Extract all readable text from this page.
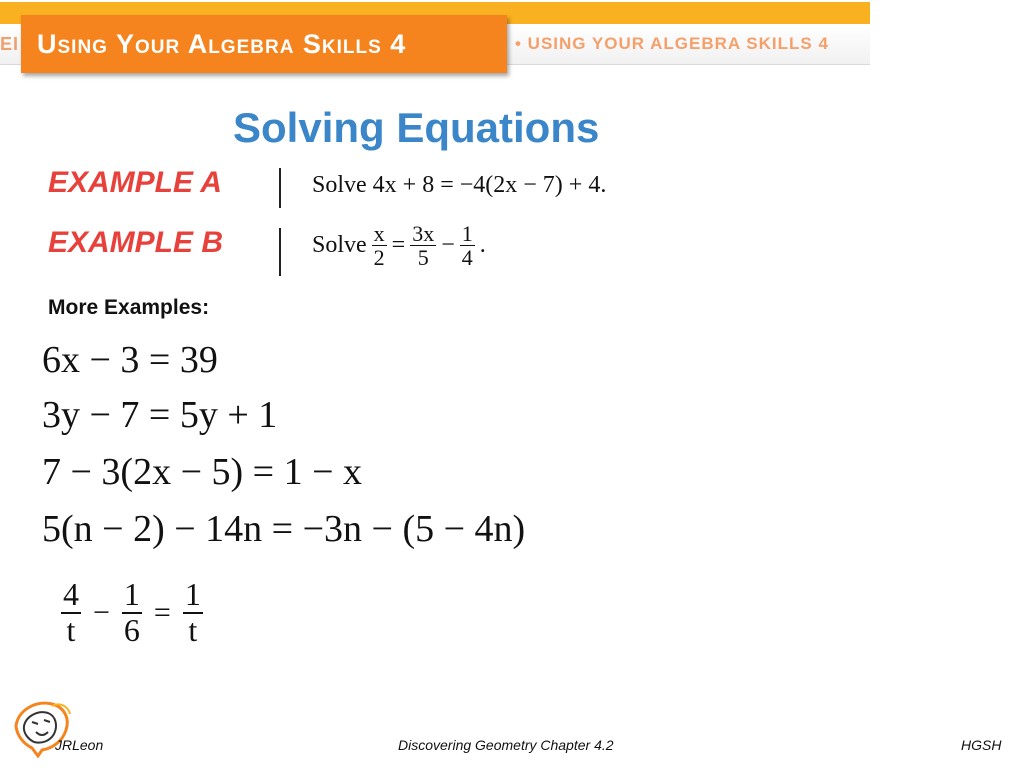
EI	• USING YOUR ALGEBRA SKILLS 4
Using Your Algebra Skills 4
Solving Equations
EXAMPLE A	Solve 4x + 8 = −4(2x − 7) + 4.
EXAMPLE B	Solve $\frac{x}{2} = \frac{3x}{5} - \frac{1}{4}$ .
More Examples:
6x − 3 = 39
3y − 7 = 5y + 1
7 − 3(2x − 5) = 1 − x
5(n − 2) − 14n = −3n − (5 − 4n)
$\frac{4}{t} - \frac{1}{6} = \frac{1}{t}$
JRLeon	Discovering Geometry Chapter 4.2	HGSH
